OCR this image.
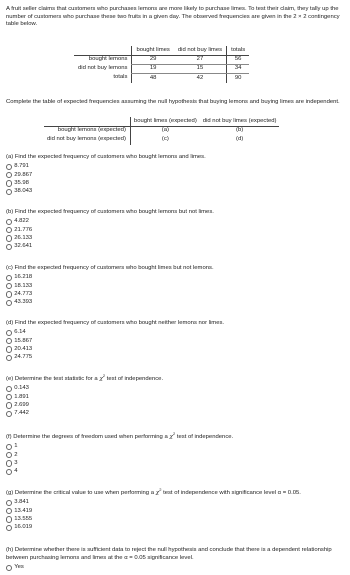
A fruit seller claims that customers who purchases lemons are more likely to purchase limes. To test their claim, they tally up the number of customers who purchase these two fruits in a given day. The observed frequencies are given in the 2 × 2 contingency table below.
	bought limes	did not buy limes	totals
bought lemons	29	27	56
did not buy lemons	19	15	34
totals	48	42	90
Complete the table of expected frequencies assuming the null hypothesis that buying lemons and buying limes are independent.
	bought limes (expected)	did not buy limes (expected)
bought lemons (expected)	(a)	(b)
did not buy lemons (expected)	(c)	(d)
(a) Find the expected frequency of customers who bought lemons and limes.
8.791
29.867
35.98
38.043
(b) Find the expected frequency of customers who bought lemons but not limes.
4.822
21.776
26.133
32.641
(c) Find the expected frequency of customers who bought limes but not lemons.
16.218
18.133
24.773
43.393
(d) Find the expected frequency of customers who bought neither lemons nor limes.
6.14
15.867
20.413
24.775
(e) Determine the test statistic for a $\chi^2$ test of independence.
0.143
1.891
2.699
7.442
(f) Determine the degrees of freedom used when performing a $\chi^2$ test of independence.
1
2
3
4
(g) Determine the critical value to use when performing a $\chi^2$ test of independence with significance level α = 0.05.
3.841
13.419
13.555
16.019
(h) Determine whether there is sufficient data to reject the null hypothesis and conclude that there is a dependent relationship between purchasing lemons and limes at the α = 0.05 significance level.
Yes
